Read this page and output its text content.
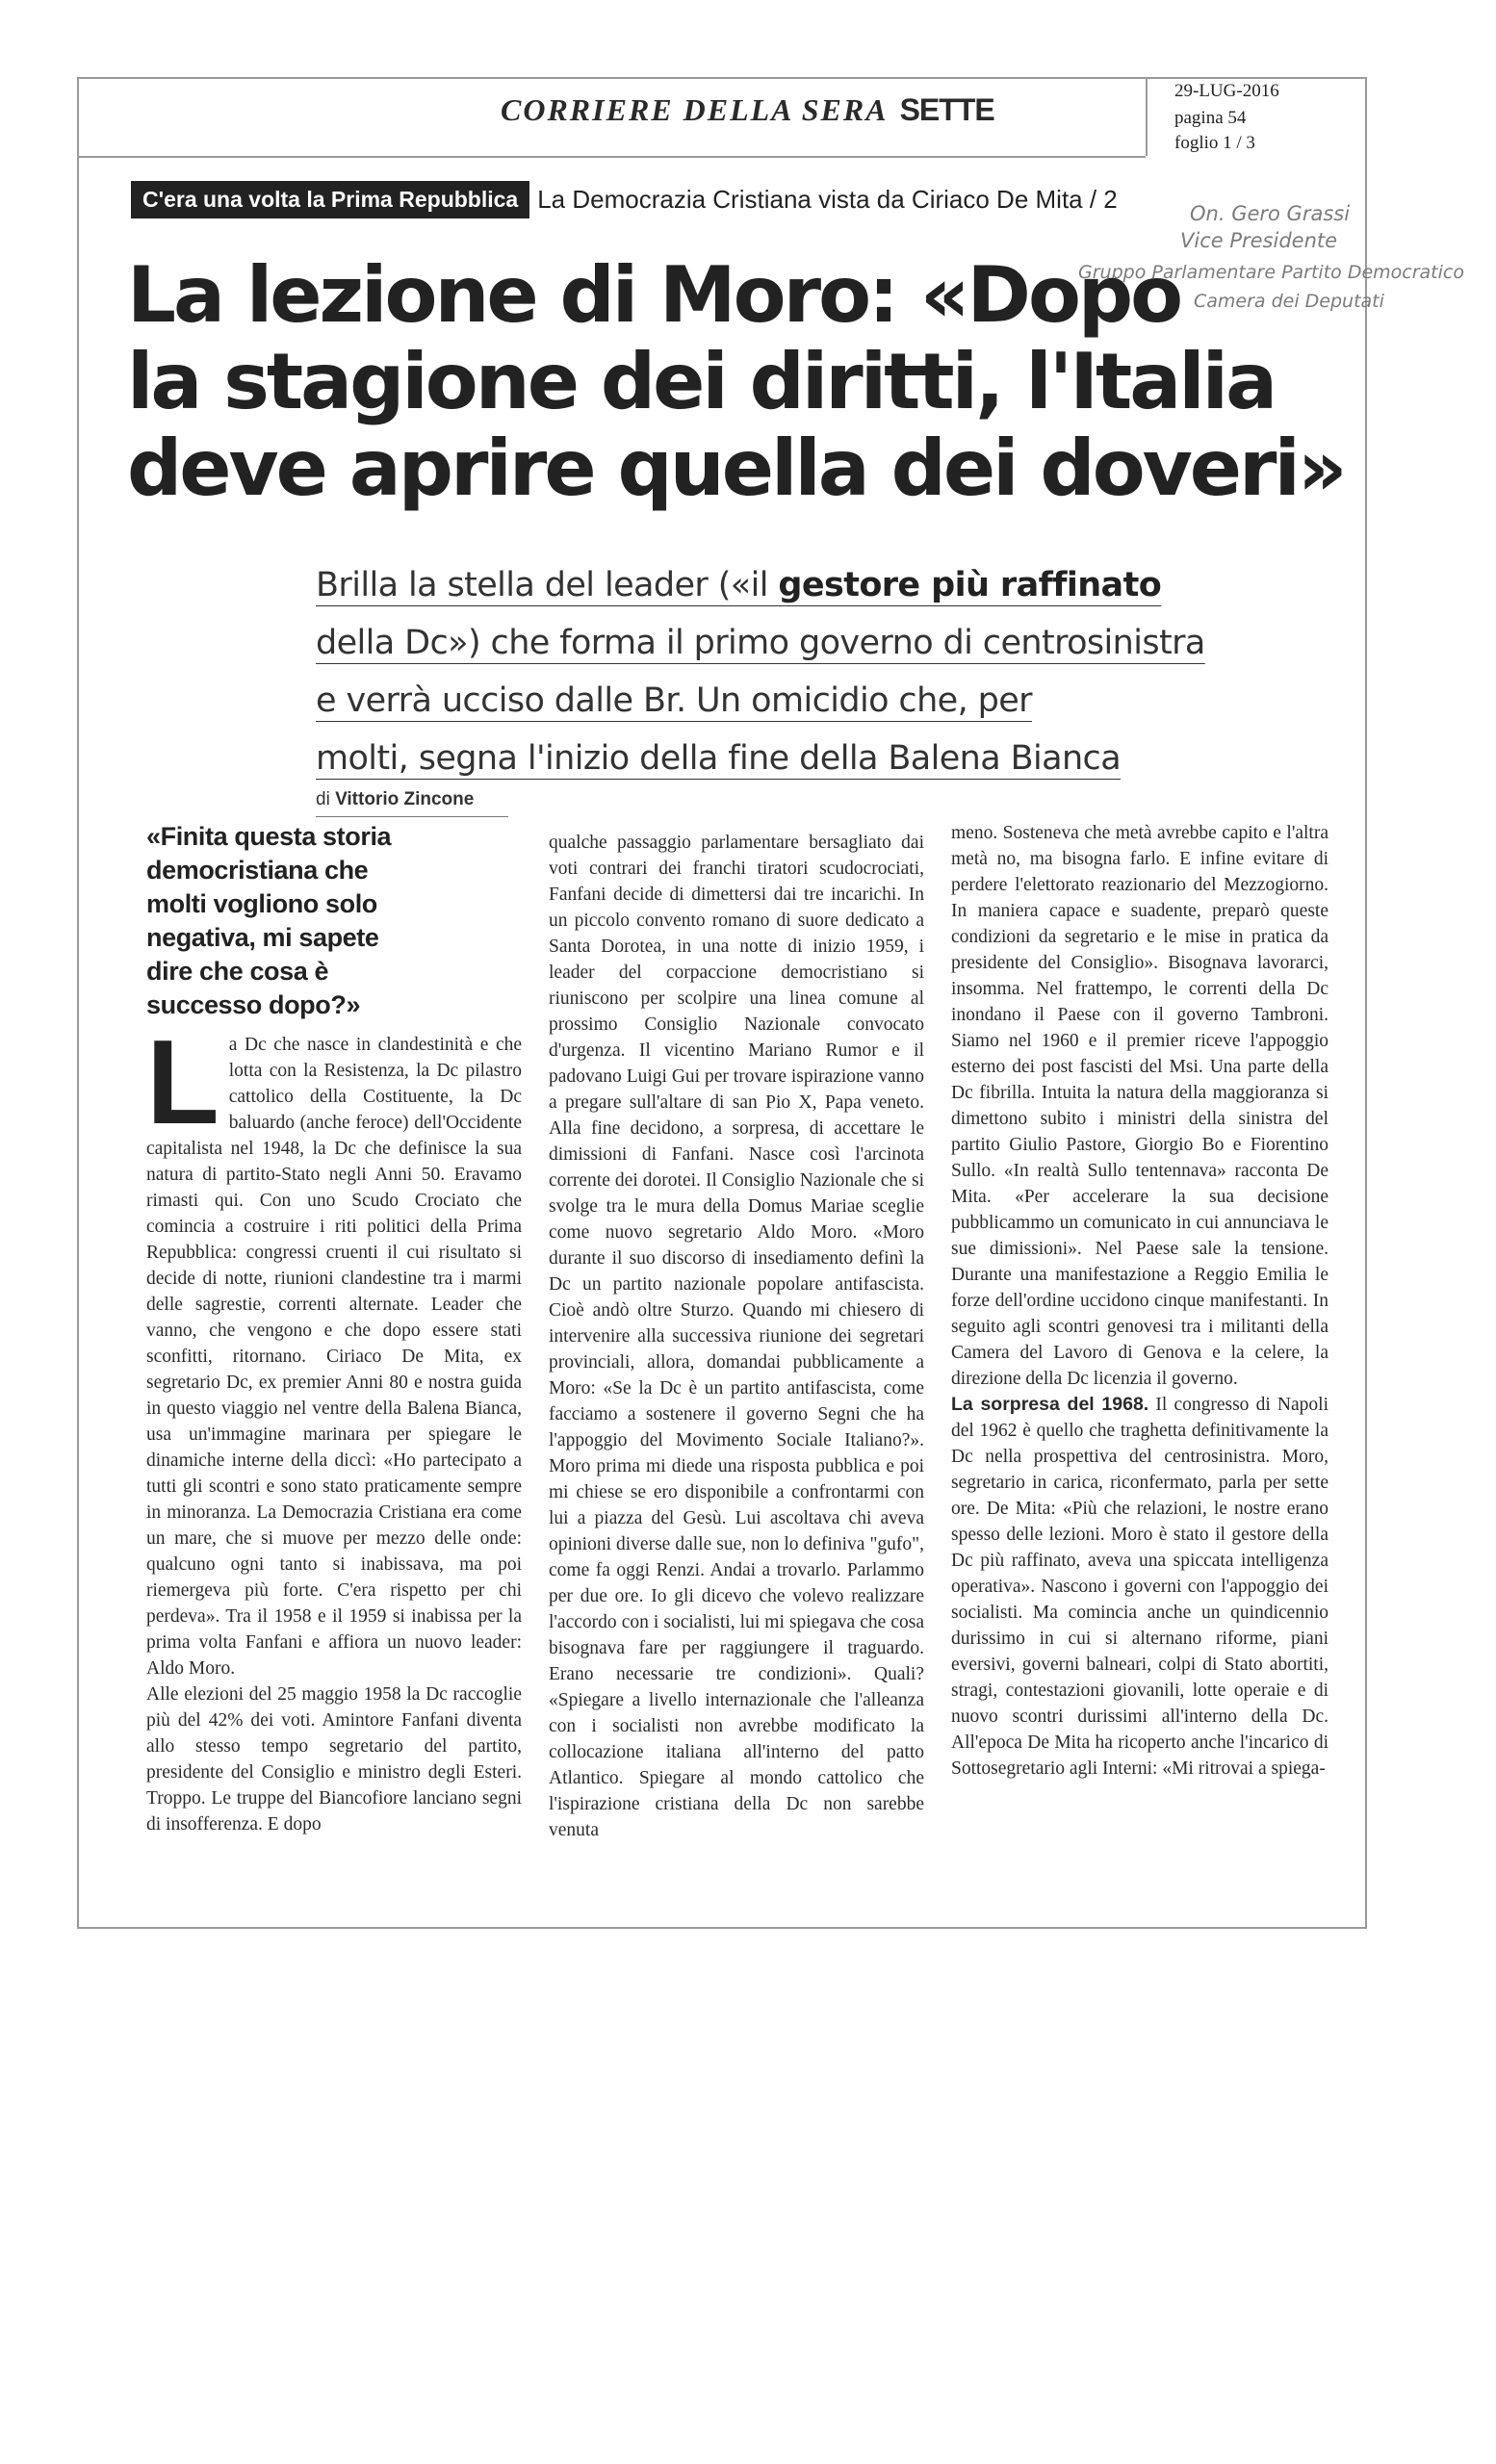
CORRIERE DELLA SERA SETTE
29-LUG-2016
pagina 54
foglio 1 / 3
C'era una volta la Prima Repubblica La Democrazia Cristiana vista da Ciriaco De Mita / 2
On. Gero Grassi
Vice Presidente
Gruppo Parlamentare Partito Democratico
Camera dei Deputati
La lezione di Moro: «Dopo
la stagione dei diritti, l'Italia
deve aprire quella dei doveri»
Brilla la stella del leader («il gestore più raffinato
della Dc») che forma il primo governo di centrosinistra
e verrà ucciso dalle Br. Un omicidio che, per
molti, segna l'inizio della fine della Balena Bianca
di Vittorio Zincone
«Finita questa storia democristiana che molti vogliono solo negativa, mi sapete dire che cosa è successo dopo?»
L a Dc che nasce in clandestinità e che lotta con la Resistenza, la Dc pilastro cattolico della Costituente, la Dc baluardo (anche feroce) dell'Occidente capitalista nel 1948, la Dc che definisce la sua natura di partito-Stato negli Anni 50. Eravamo rimasti qui. Con uno Scudo Crociato che comincia a costruire i riti politici della Prima Repubblica: congressi cruenti il cui risultato si decide di notte, riunioni clandestine tra i marmi delle sagrestie, correnti alternate. Leader che vanno, che vengono e che dopo essere stati sconfitti, ritornano. Ciriaco De Mita, ex segretario Dc, ex premier Anni 80 e nostra guida in questo viaggio nel ventre della Balena Bianca, usa un'immagine marinara per spiegare le dinamiche interne della diccì: «Ho partecipato a tutti gli scontri e sono stato praticamente sempre in minoranza. La Democrazia Cristiana era come un mare, che si muove per mezzo delle onde: qualcuno ogni tanto si inabissava, ma poi riemergeva più forte. C'era rispetto per chi perdeva». Tra il 1958 e il 1959 si inabissa per la prima volta Fanfani e affiora un nuovo leader: Aldo Moro.

Alle elezioni del 25 maggio 1958 la Dc raccoglie più del 42% dei voti. Amintore Fanfani diventa allo stesso tempo segretario del partito, presidente del Consiglio e ministro degli Esteri. Troppo. Le truppe del Biancofiore lanciano segni di insofferenza. E dopo

qualche passaggio parlamentare bersagliato dai voti contrari dei franchi tiratori scudocrociati, Fanfani decide di dimettersi dai tre incarichi. In un piccolo convento romano di suore dedicato a Santa Dorotea, in una notte di inizio 1959, i leader del corpaccione democristiano si riuniscono per scolpire una linea comune al prossimo Consiglio Nazionale convocato d'urgenza. Il vicentino Mariano Rumor e il padovano Luigi Gui per trovare ispirazione vanno a pregare sull'altare di san Pio X, Papa veneto. Alla fine decidono, a sorpresa, di accettare le dimissioni di Fanfani. Nasce così l'arcinota corrente dei dorotei. Il Consiglio Nazionale che si svolge tra le mura della Domus Mariae sceglie come nuovo segretario Aldo Moro. «Moro durante il suo discorso di insediamento definì la Dc un partito nazionale popolare antifascista. Cioè andò oltre Sturzo. Quando mi chiesero di intervenire alla successiva riunione dei segretari provinciali, allora, domandai pubblicamente a Moro: «Se la Dc è un partito antifascista, come facciamo a sostenere il governo Segni che ha l'appoggio del Movimento Sociale Italiano?». Moro prima mi diede una risposta pubblica e poi mi chiese se ero disponibile a confrontarmi con lui a piazza del Gesù. Lui ascoltava chi aveva opinioni diverse dalle sue, non lo definiva "gufo", come fa oggi Renzi. Andai a trovarlo. Parlammo per due ore. Io gli dicevo che volevo realizzare l'accordo con i socialisti, lui mi spiegava che cosa bisognava fare per raggiungere il traguardo. Erano necessarie tre condizioni». Quali? «Spiegare a livello internazionale che l'alleanza con i socialisti non avrebbe modificato la collocazione italiana all'interno del patto Atlantico. Spiegare al mondo cattolico che l'ispirazione cristiana della Dc non sarebbe venuta

meno. Sosteneva che metà avrebbe capito e l'altra metà no, ma bisogna farlo. E infine evitare di perdere l'elettorato reazionario del Mezzogiorno. In maniera capace e suadente, preparò queste condizioni da segretario e le mise in pratica da presidente del Consiglio». Bisognava lavorarci, insomma. Nel frattempo, le correnti della Dc inondano il Paese con il governo Tambroni. Siamo nel 1960 e il premier riceve l'appoggio esterno dei post fascisti del Msi. Una parte della Dc fibrilla. Intuita la natura della maggioranza si dimettono subito i ministri della sinistra del partito Giulio Pastore, Giorgio Bo e Fiorentino Sullo. «In realtà Sullo tentennava» racconta De Mita. «Per accelerare la sua decisione pubblicammo un comunicato in cui annunciava le sue dimissioni». Nel Paese sale la tensione. Durante una manifestazione a Reggio Emilia le forze dell'ordine uccidono cinque manifestanti. In seguito agli scontri genovesi tra i militanti della Camera del Lavoro di Genova e la celere, la direzione della Dc licenzia il governo.

La sorpresa del 1968. Il congresso di Napoli del 1962 è quello che traghetta definitivamente la Dc nella prospettiva del centrosinistra. Moro, segretario in carica, riconfermato, parla per sette ore. De Mita: «Più che relazioni, le nostre erano spesso delle lezioni. Moro è stato il gestore della Dc più raffinato, aveva una spiccata intelligenza operativa». Nascono i governi con l'appoggio dei socialisti. Ma comincia anche un quindicennio durissimo in cui si alternano riforme, piani eversivi, governi balneari, colpi di Stato abortiti, stragi, contestazioni giovanili, lotte operaie e di nuovo scontri durissimi all'interno della Dc. All'epoca De Mita ha ricoperto anche l'incarico di Sottosegretario agli Interni: «Mi ritrovai a spiega-
